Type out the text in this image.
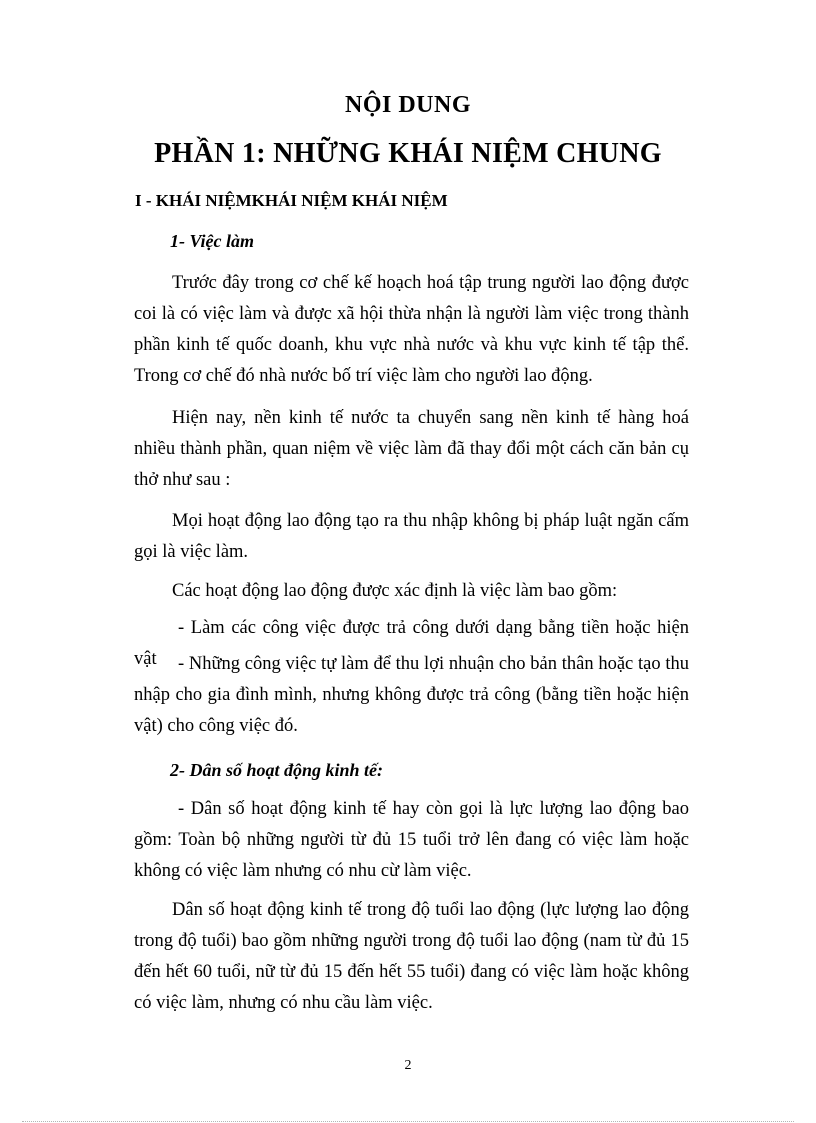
NỘI DUNG
PHẦN 1: NHỮNG KHÁI NIỆM CHUNG
I - KHÁI NIỆMKHÁI NIỆM KHÁI NIỆM
1- Việc làm
Trước đây trong cơ chế kế hoạch hoá tập trung người lao động được coi là có việc làm và được xã hội thừa nhận là người làm việc trong thành phần kinh tế quốc doanh, khu vực nhà nước và khu vực kinh tế tập thể. Trong cơ chế đó nhà nước bố trí việc làm cho người lao động.
Hiện nay, nền kinh tế nước ta chuyển sang nền kinh tế hàng hoá nhiều thành phần, quan niệm về việc làm đã thay đổi một cách căn bản cụ thở như sau :
Mọi hoạt động lao động tạo ra thu nhập không bị pháp luật ngăn cấm gọi là việc làm.
Các hoạt động lao động được xác định là việc làm bao gồm:
- Làm các công việc được trả công dưới dạng bằng tiền hoặc hiện vật	- Những công việc tự làm để thu lợi nhuận cho bản thân hoặc tạo thu nhập cho gia đình mình, nhưng không được trả công (bằng tiền hoặc hiện vật) cho công việc đó.
2- Dân số hoạt động kinh tế:
- Dân số hoạt động kinh tế hay còn gọi là lực lượng lao động bao gồm: Toàn bộ những người từ đủ 15 tuổi trở lên đang có việc làm hoặc không có việc làm nhưng có nhu cừ làm việc.
Dân số hoạt động kinh tế trong độ tuổi lao động (lực lượng lao động trong độ tuổi) bao gồm những người trong độ tuổi lao động (nam từ đủ 15 đến hết 60 tuổi, nữ từ đủ 15 đến hết 55 tuổi) đang có việc làm hoặc không có việc làm, nhưng có nhu cầu làm việc.
2
